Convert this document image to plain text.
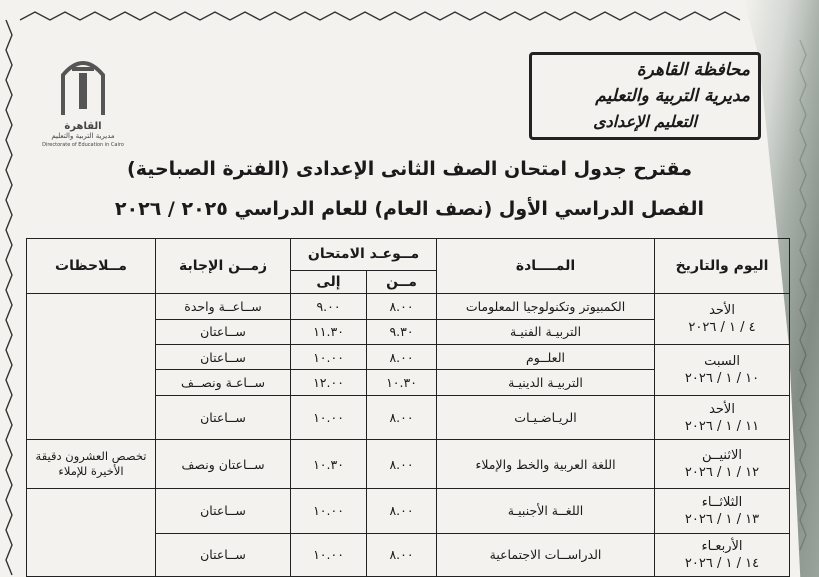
القاهرة
مديرية التربية والتعليم
Directorate of Education in Cairo
محافظة القاهرة
مديرية التربية والتعليم
التعليم الإعدادى
مقترح جدول امتحان الصف الثانى الإعدادى (الفترة الصباحية)
الفصل الدراسي الأول (نصف العام) للعام الدراسي ٢٠٢٥ / ٢٠٢٦
اليوم والتاريخ	المــــادة	مــوعـد الامتحان		زمــن الإجابة	مــلاحظات
		مــن	إلى		

الأحد
٤ / ١ / ٢٠٢٦	الكمبيوتر وتكنولوجيا المعلومات	٨.٠٠	٩.٠٠	ســاعــة واحدة	
	التربيـة الفنيـة	٩.٣٠	١١.٣٠	ســاعتان	

السبت
١٠ / ١ / ٢٠٢٦	العلــوم	٨.٠٠	١٠.٠٠	ســاعتان	
	التربيـة الدينيـة	١٠.٣٠	١٢.٠٠	ســاعـة ونصــف	

الأحد
١١ / ١ / ٢٠٢٦	الريـاضـيـات	٨.٠٠	١٠.٠٠	ســاعتان	

الاثنيــن
١٢ / ١ / ٢٠٢٦	اللغة العربية والخط والإملاء	٨.٠٠	١٠.٣٠	ســاعتان ونصف	تخصص العشرون دقيقة الأخيرة للإملاء

الثلاثــاء
١٣ / ١ / ٢٠٢٦	اللغــة الأجنبيـة	٨.٠٠	١٠.٠٠	ســاعتان	

الأربعـاء
١٤ / ١ / ٢٠٢٦	الدراســات الاجتماعية	٨.٠٠	١٠.٠٠	ســاعتان	
